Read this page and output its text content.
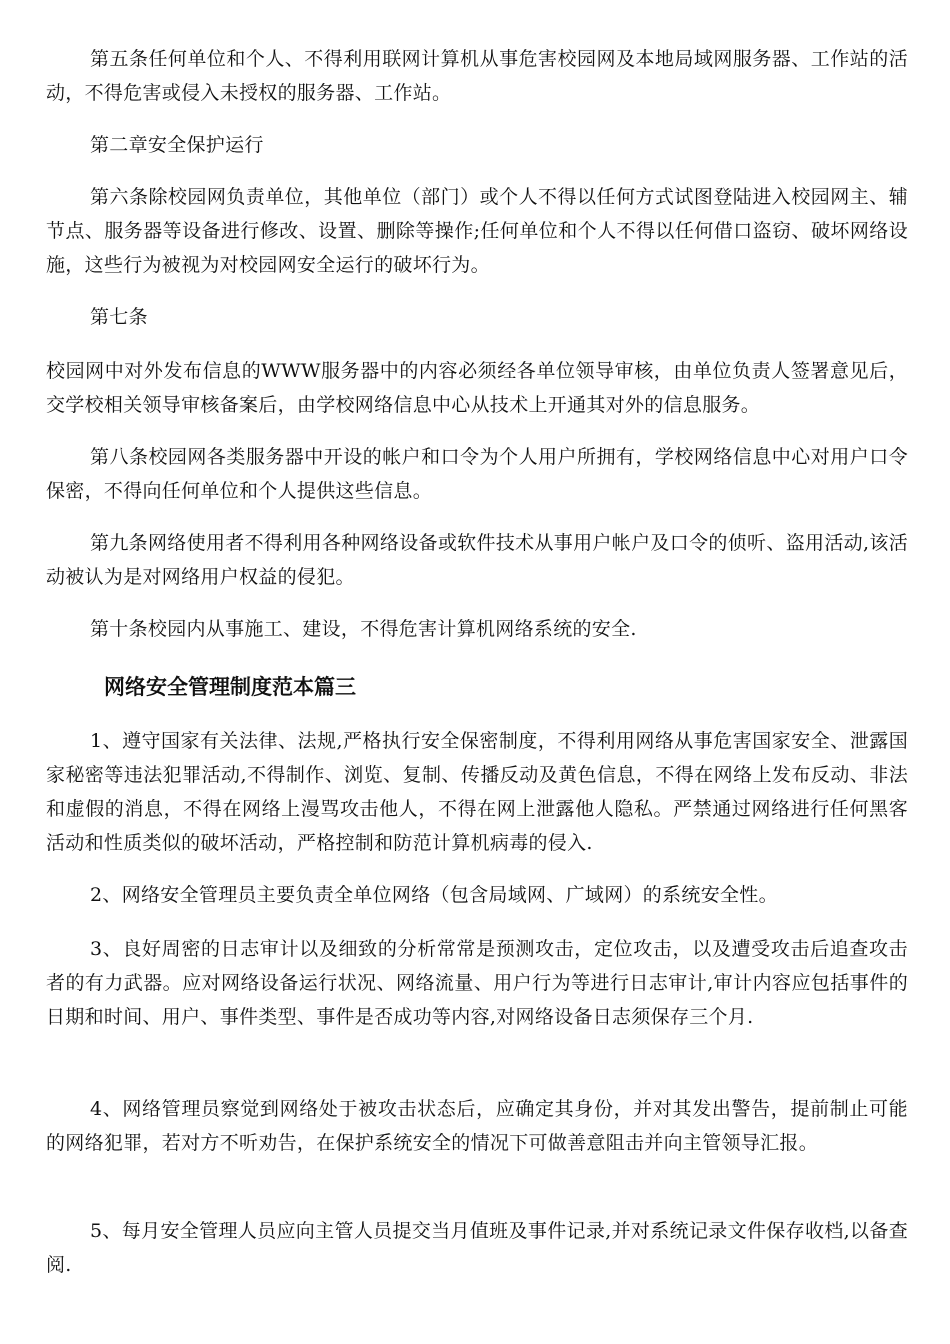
第五条任何单位和个人、不得利用联网计算机从事危害校园网及本地局域网服务器、工作站的活动，不得危害或侵入未授权的服务器、工作站。

第二章安全保护运行

第六条除校园网负责单位，其他单位（部门）或个人不得以任何方式试图登陆进入校园网主、辅节点、服务器等设备进行修改、设置、删除等操作;任何单位和个人不得以任何借口盗窃、破坏网络设施，这些行为被视为对校园网安全运行的破坏行为。

第七条

校园网中对外发布信息的WWW服务器中的内容必须经各单位领导审核，由单位负责人签署意见后，交学校相关领导审核备案后，由学校网络信息中心从技术上开通其对外的信息服务。

第八条校园网各类服务器中开设的帐户和口令为个人用户所拥有，学校网络信息中心对用户口令保密，不得向任何单位和个人提供这些信息。

第九条网络使用者不得利用各种网络设备或软件技术从事用户帐户及口令的侦听、盗用活动,该活动被认为是对网络用户权益的侵犯。

第十条校园内从事施工、建设，不得危害计算机网络系统的安全.

网络安全管理制度范本篇三

1、遵守国家有关法律、法规,严格执行安全保密制度，不得利用网络从事危害国家安全、泄露国家秘密等违法犯罪活动,不得制作、浏览、复制、传播反动及黄色信息，不得在网络上发布反动、非法和虚假的消息，不得在网络上漫骂攻击他人，不得在网上泄露他人隐私。严禁通过网络进行任何黑客活动和性质类似的破坏活动，严格控制和防范计算机病毒的侵入.

2、网络安全管理员主要负责全单位网络（包含局域网、广域网）的系统安全性。

3、良好周密的日志审计以及细致的分析常常是预测攻击，定位攻击，以及遭受攻击后追查攻击者的有力武器。应对网络设备运行状况、网络流量、用户行为等进行日志审计,审计内容应包括事件的日期和时间、用户、事件类型、事件是否成功等内容,对网络设备日志须保存三个月.

4、网络管理员察觉到网络处于被攻击状态后，应确定其身份，并对其发出警告，提前制止可能的网络犯罪，若对方不听劝告，在保护系统安全的情况下可做善意阻击并向主管领导汇报。

5、每月安全管理人员应向主管人员提交当月值班及事件记录,并对系统记录文件保存收档,以备查阅.
